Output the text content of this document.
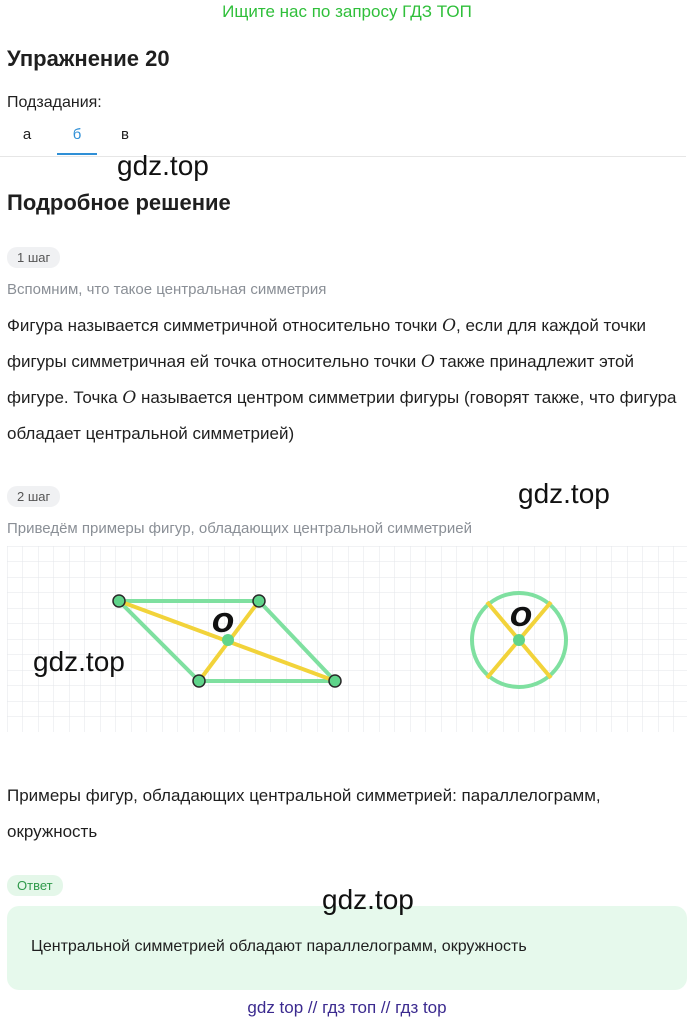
Ищите нас по запросу ГДЗ ТОП
Упражнение 20
Подзадания:
а	б	в
gdz.top
Подробное решение
1 шаг
Вспомним, что такое центральная симметрия
Фигура называется симметричной относительно точки O, если для каждой точки фигуры симметричная ей точка относительно точки O также принадлежит этой фигуре. Точка O называется центром симметрии фигуры (говорят также, что фигура обладает центральной симметрией)
2 шаг	gdz.top
Приведём примеры фигур, обладающих центральной симметрией
O	O
gdz.top
Примеры фигур, обладающих центральной симметрией: параллелограмм, окружность
Ответ
Центральной симметрией обладают параллелограмм, окружность
gdz.top
gdz top // гдз топ // гдз top
